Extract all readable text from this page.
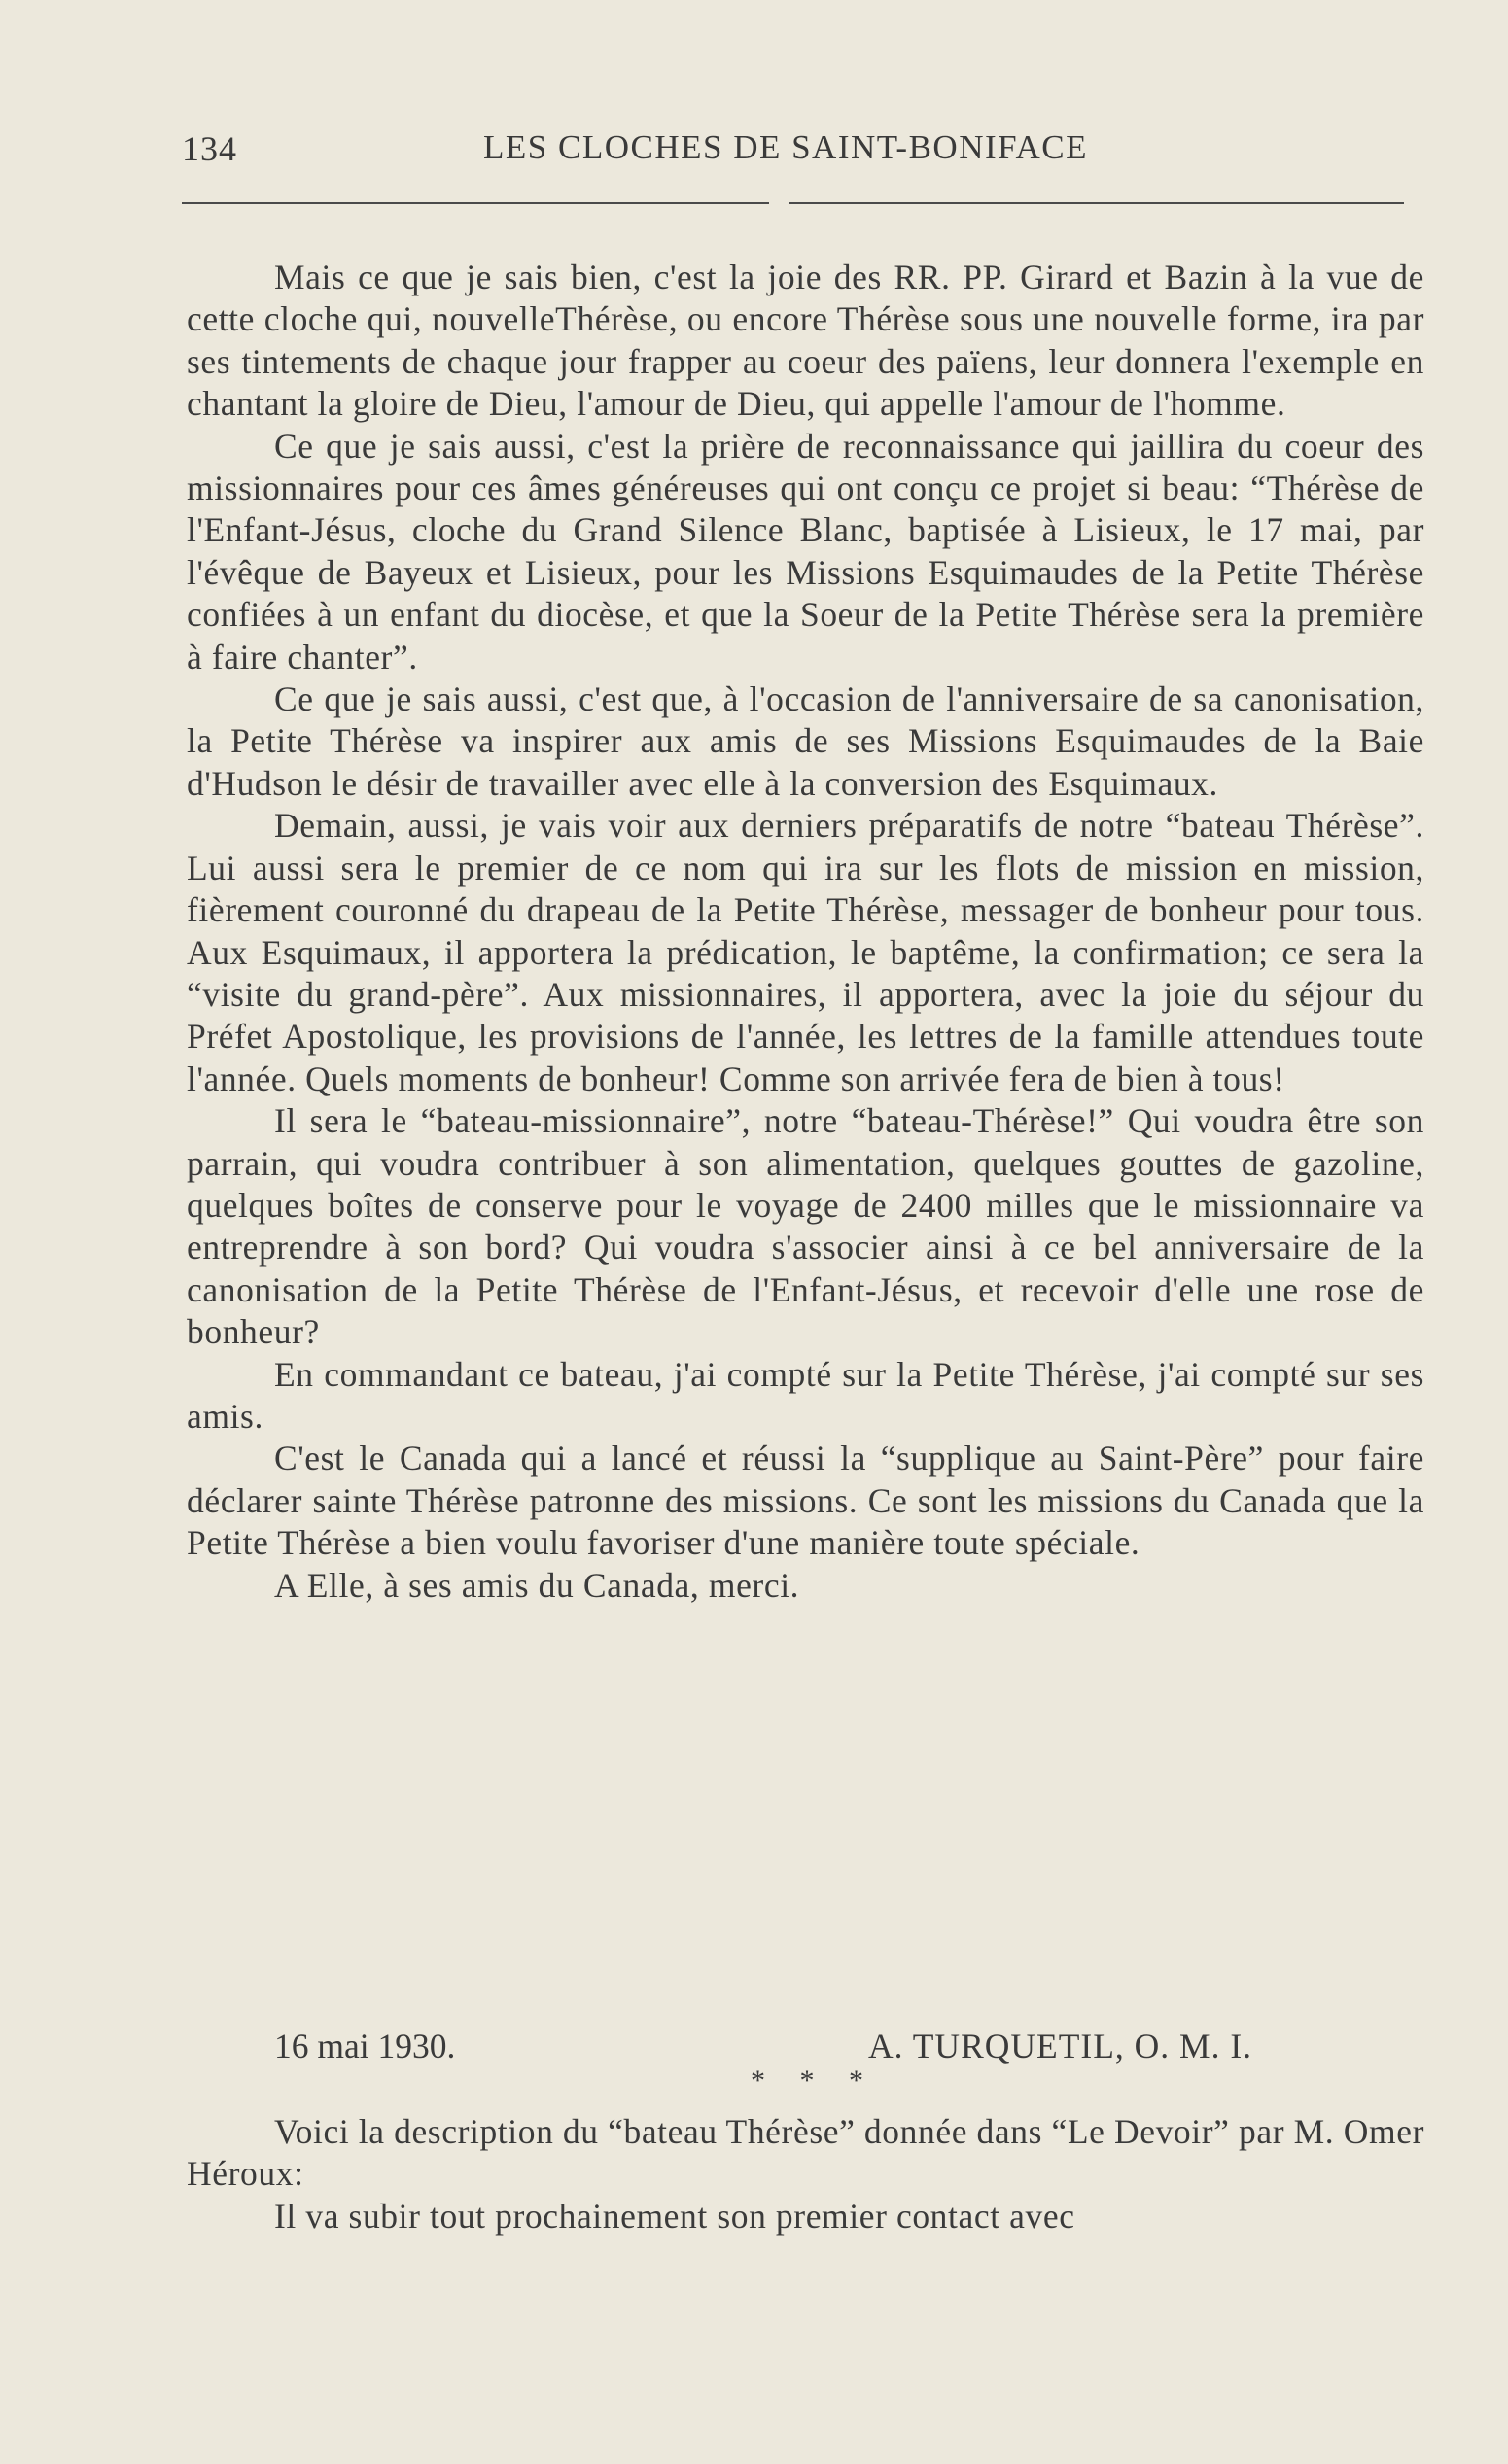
134	LES CLOCHES DE SAINT-BONIFACE

Mais ce que je sais bien, c'est la joie des RR. PP. Girard et Bazin à la vue de cette cloche qui, nouvelleThérèse, ou encore Thérèse sous une nouvelle forme, ira par ses tintements de chaque jour frapper au coeur des païens, leur donnera l'exemple en chantant la gloire de Dieu, l'amour de Dieu, qui appelle l'amour de l'homme.

Ce que je sais aussi, c'est la prière de reconnaissance qui jaillira du coeur des missionnaires pour ces âmes généreuses qui ont conçu ce projet si beau: “Thérèse de l'Enfant-Jésus, cloche du Grand Silence Blanc, baptisée à Lisieux, le 17 mai, par l'évêque de Bayeux et Lisieux, pour les Missions Esquimaudes de la Petite Thérèse confiées à un enfant du diocèse, et que la Soeur de la Petite Thérèse sera la première à faire chanter”.

Ce que je sais aussi, c'est que, à l'occasion de l'anniversaire de sa canonisation, la Petite Thérèse va inspirer aux amis de ses Missions Esquimaudes de la Baie d'Hudson le désir de travailler avec elle à la conversion des Esquimaux.

Demain, aussi, je vais voir aux derniers préparatifs de notre “bateau Thérèse”. Lui aussi sera le premier de ce nom qui ira sur les flots de mission en mission, fièrement couronné du drapeau de la Petite Thérèse, messager de bonheur pour tous. Aux Esquimaux, il apportera la prédication, le baptême, la confirmation; ce sera la “visite du grand-père”. Aux missionnaires, il apportera, avec la joie du séjour du Préfet Apostolique, les provisions de l'année, les lettres de la famille attendues toute l'année. Quels moments de bonheur! Comme son arrivée fera de bien à tous!

Il sera le “bateau-missionnaire”, notre “bateau-Thérèse!” Qui voudra être son parrain, qui voudra contribuer à son alimentation, quelques gouttes de gazoline, quelques boîtes de conserve pour le voyage de 2400 milles que le missionnaire va entreprendre à son bord? Qui voudra s'associer ainsi à ce bel anniversaire de la canonisation de la Petite Thérèse de l'Enfant-Jésus, et recevoir d'elle une rose de bonheur?

En commandant ce bateau, j'ai compté sur la Petite Thérèse, j'ai compté sur ses amis.

C'est le Canada qui a lancé et réussi la “supplique au Saint-Père” pour faire déclarer sainte Thérèse patronne des missions. Ce sont les missions du Canada que la Petite Thérèse a bien voulu favoriser d'une manière toute spéciale.

A Elle, à ses amis du Canada, merci.

16 mai 1930.	A. TURQUETIL, O. M. I.
* * *

Voici la description du “bateau Thérèse” donnée dans “Le Devoir” par M. Omer Héroux:

Il va subir tout prochainement son premier contact avec
